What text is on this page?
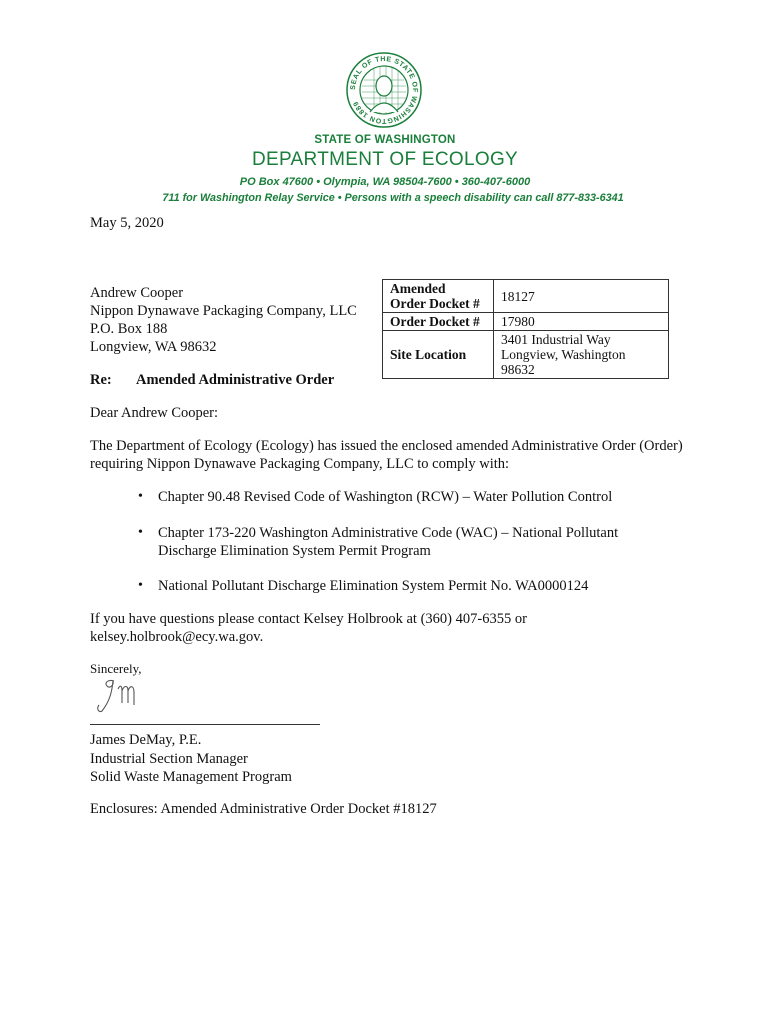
SEAL OF THE STATE OF WASHINGTON 1889
STATE OF WASHINGTON
DEPARTMENT OF ECOLOGY
PO Box 47600 • Olympia, WA 98504-7600 • 360-407-6000
711 for Washington Relay Service • Persons with a speech disability can call 877-833-6341
May 5, 2020
Andrew Cooper
Nippon Dynawave Packaging Company, LLC
P.O. Box 188
Longview, WA 98632
Amended
Order Docket #	18127
Order Docket #	17980
Site Location	3401 Industrial Way
Longview, Washington 98632
Re: Amended Administrative Order
Dear Andrew Cooper:
The Department of Ecology (Ecology) has issued the enclosed amended Administrative Order (Order) requiring Nippon Dynawave Packaging Company, LLC to comply with:
• Chapter 90.48 Revised Code of Washington (RCW) – Water Pollution Control
• Chapter 173-220 Washington Administrative Code (WAC) – National Pollutant Discharge Elimination System Permit Program
• National Pollutant Discharge Elimination System Permit No. WA0000124
If you have questions please contact Kelsey Holbrook at (360) 407-6355 or kelsey.holbrook@ecy.wa.gov.
Sincerely,
James DeMay, P.E.
Industrial Section Manager
Solid Waste Management Program
Enclosures: Amended Administrative Order Docket #18127
